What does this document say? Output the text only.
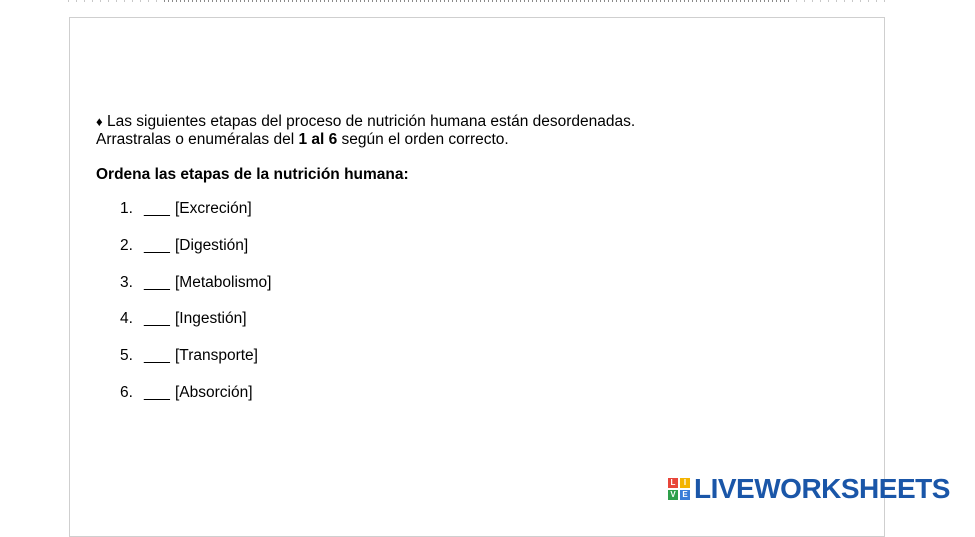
♦ Las siguientes etapas del proceso de nutrición humana están desordenadas.
Arrastralas o enuméralas del 1 al 6 según el orden correcto.

Ordena las etapas de la nutrición humana:
1. ___ [Excreción]
2. ___ [Digestión]
3. ___ [Metabolismo]
4. ___ [Ingestión]
5. ___ [Transporte]
6. ___ [Absorción]
L	I
V E LIVEWORKSHEETS
